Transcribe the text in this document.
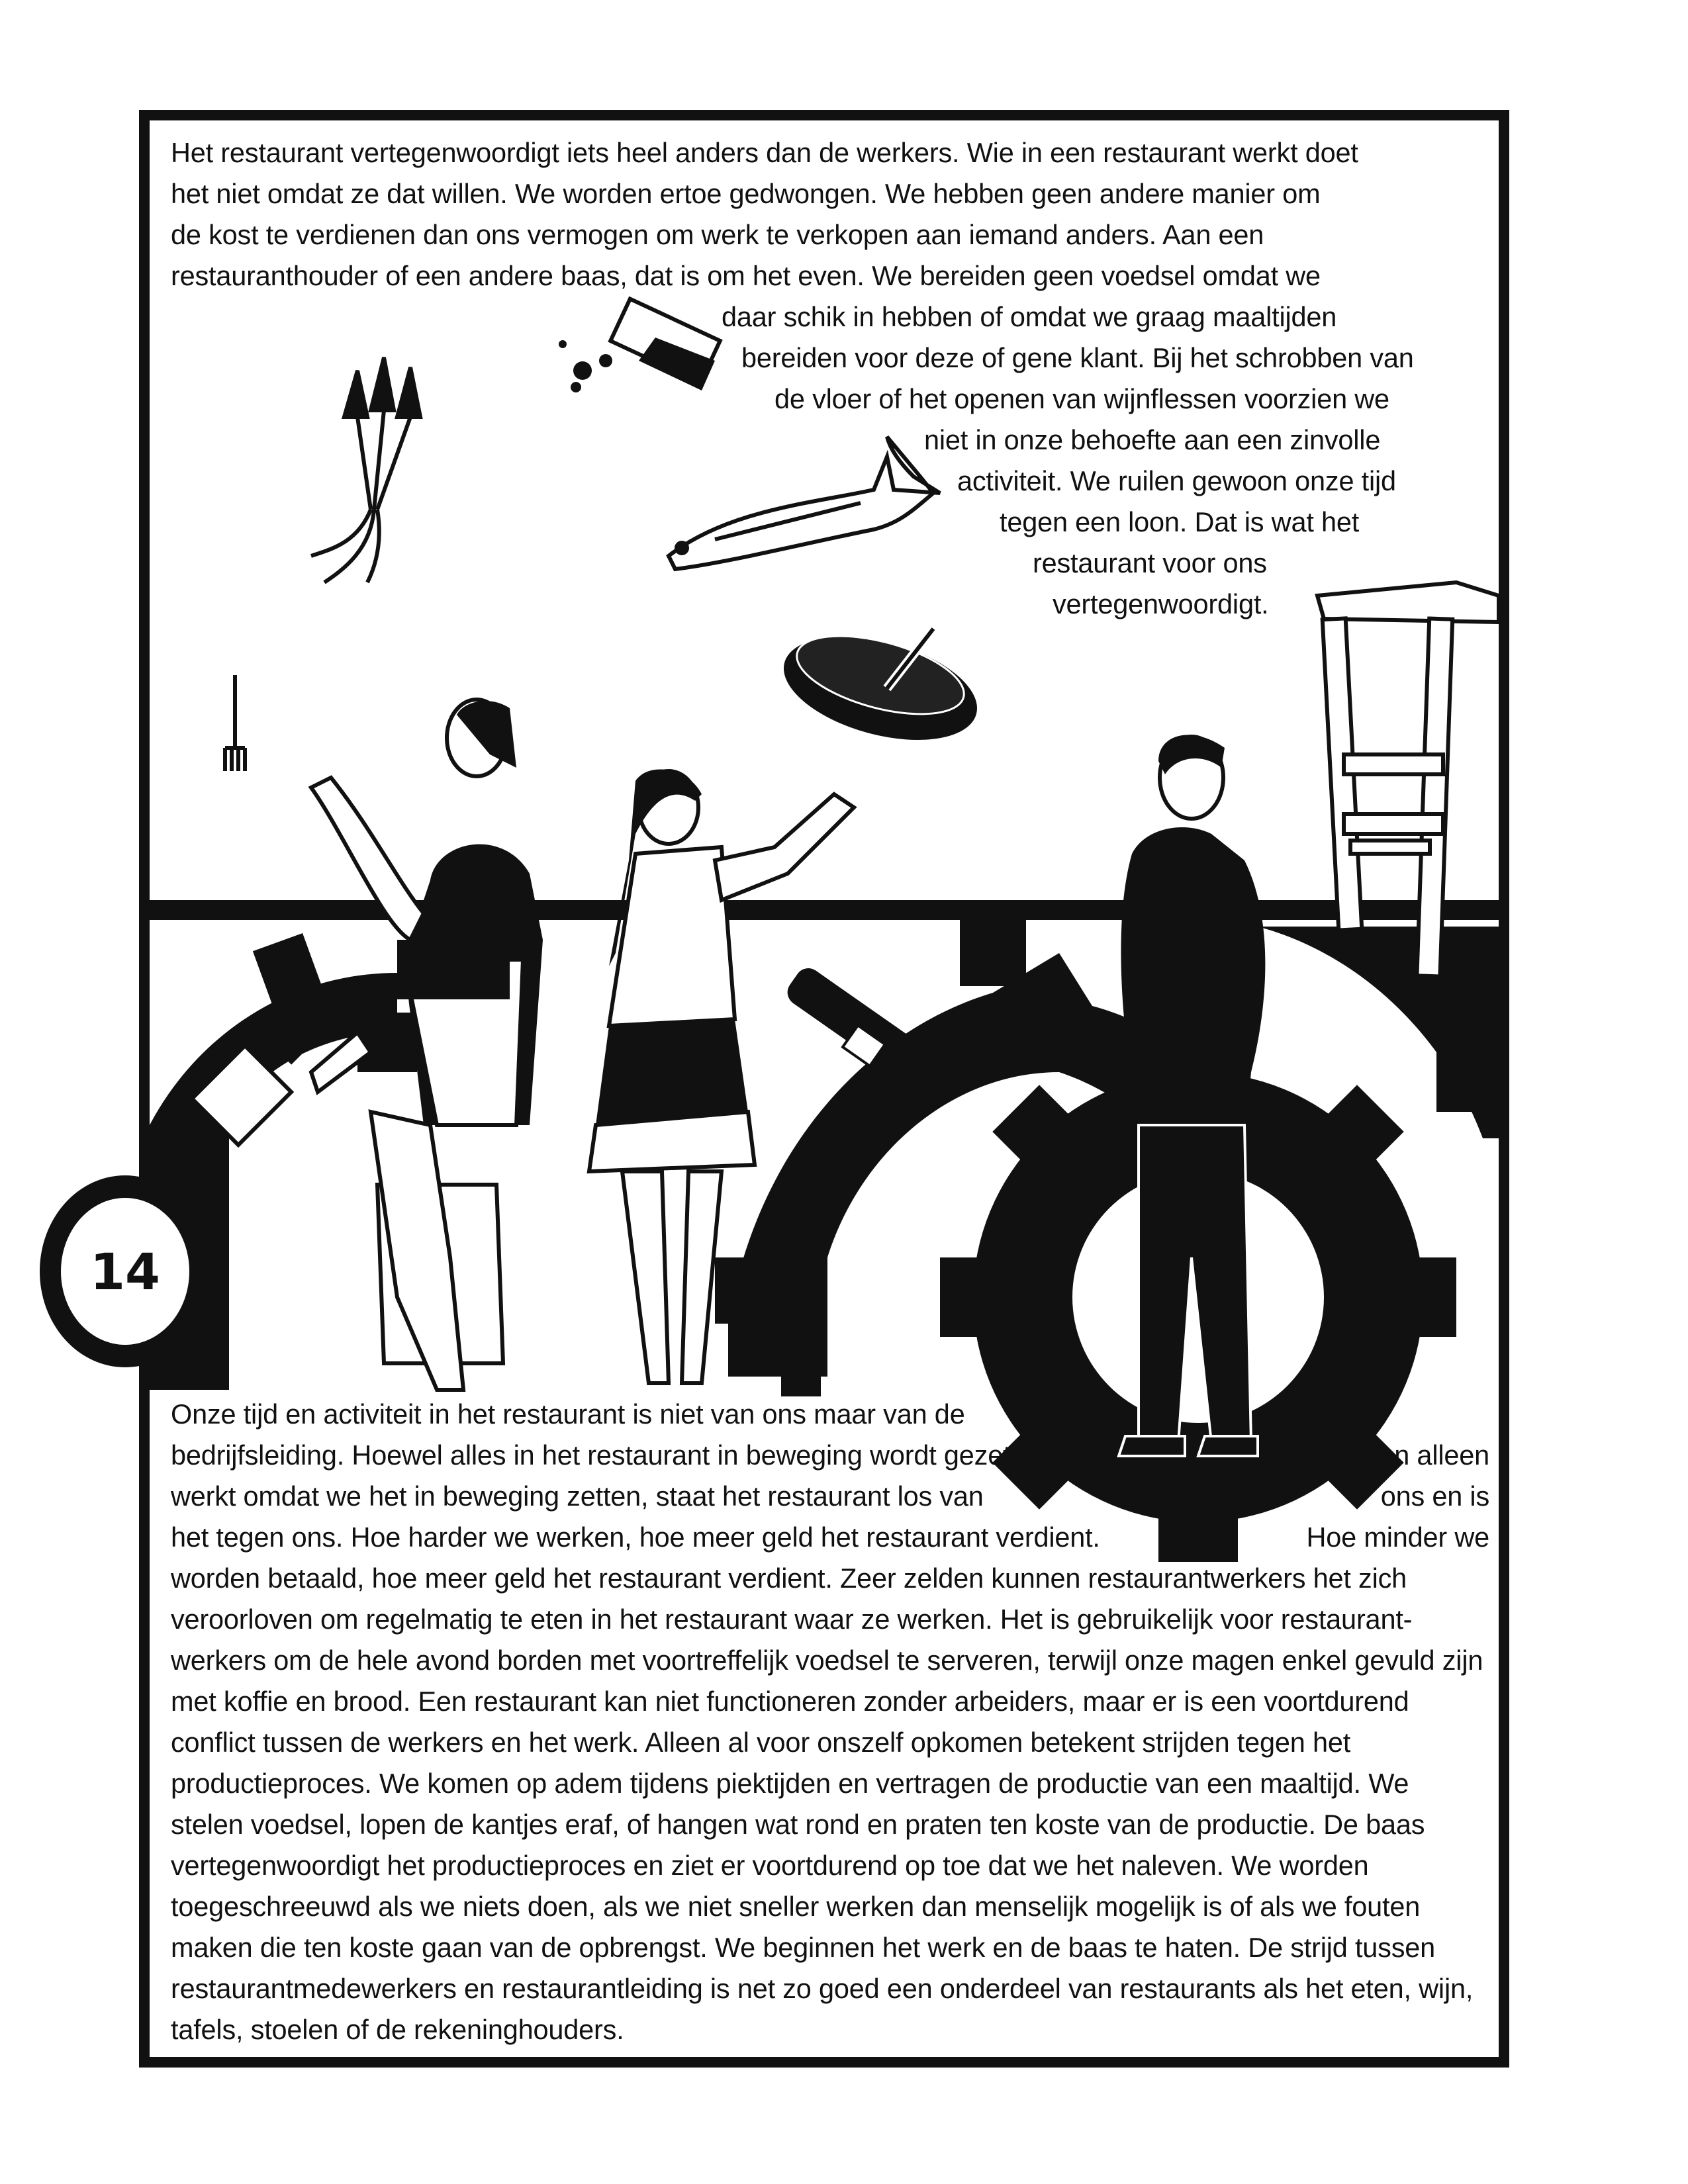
Het restaurant vertegenwoordigt iets heel anders dan de werkers. Wie in een restaurant werkt doet
het niet omdat ze dat willen. We worden ertoe gedwongen. We hebben geen andere manier om
de kost te verdienen dan ons vermogen om werk te verkopen aan iemand anders. Aan een
restauranthouder of een andere baas, dat is om het even. We bereiden geen voedsel omdat we
daar schik in hebben of omdat we graag maaltijden
bereiden voor deze of gene klant. Bij het schrobben van
de vloer of het openen van wijnflessen voorzien we
niet in onze behoefte aan een zinvolle
activiteit. We ruilen gewoon onze tijd
tegen een loon. Dat is wat het
restaurant voor ons
vertegenwoordigt.
Onze tijd en activiteit in het restaurant is niet van ons maar van de
bedrijfsleiding. Hoewel alles in het restaurant in beweging wordt gezet	en alleen
werkt omdat we het in beweging zetten, staat het restaurant los van	ons en is
het tegen ons. Hoe harder we werken, hoe meer geld het restaurant verdient.	Hoe minder we
worden betaald, hoe meer geld het restaurant verdient. Zeer zelden kunnen restaurantwerkers het zich
veroorloven om regelmatig te eten in het restaurant waar ze werken. Het is gebruikelijk voor restaurant-
werkers om de hele avond borden met voortreffelijk voedsel te serveren, terwijl onze magen enkel gevuld zijn
met koffie en brood. Een restaurant kan niet functioneren zonder arbeiders, maar er is een voortdurend
conflict tussen de werkers en het werk. Alleen al voor onszelf opkomen betekent strijden tegen het
productieproces. We komen op adem tijdens piektijden en vertragen de productie van een maaltijd. We
stelen voedsel, lopen de kantjes eraf, of hangen wat rond en praten ten koste van de productie. De baas
vertegenwoordigt het productieproces en ziet er voortdurend op toe dat we het naleven. We worden
toegeschreeuwd als we niets doen, als we niet sneller werken dan menselijk mogelijk is of als we fouten
maken die ten koste gaan van de opbrengst. We beginnen het werk en de baas te haten. De strijd tussen
restaurantmedewerkers en restaurantleiding is net zo goed een onderdeel van restaurants als het eten, wijn,
tafels, stoelen of de rekeninghouders.
14
